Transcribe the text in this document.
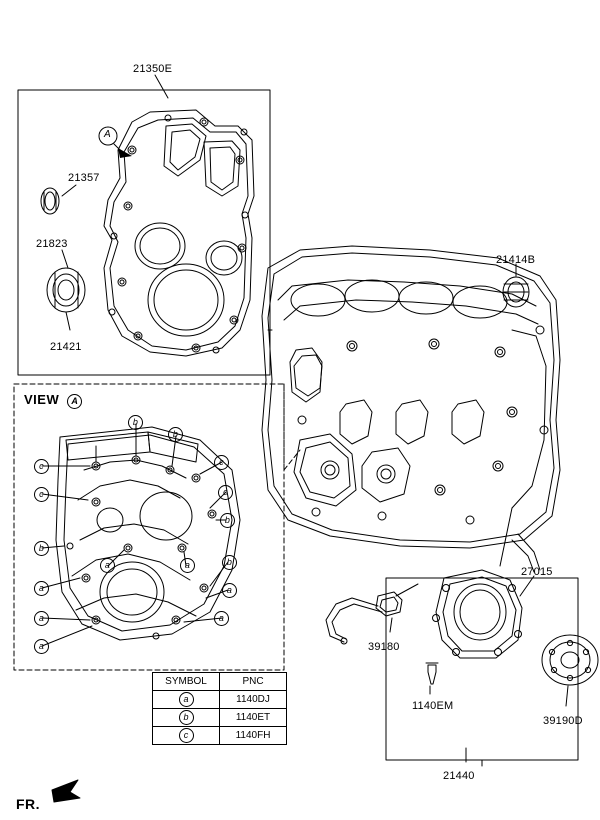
VIEW A
A
c
c
b
a
a
a
c
c
b
b
a
a
b
b
a	a
SYMBOL	PNC
a	1140DJ
b	1140ET
c	1140FH
21350E
21357
21823
21421
21414B
27015
39180
1140EM
39190D
21440
FR.
